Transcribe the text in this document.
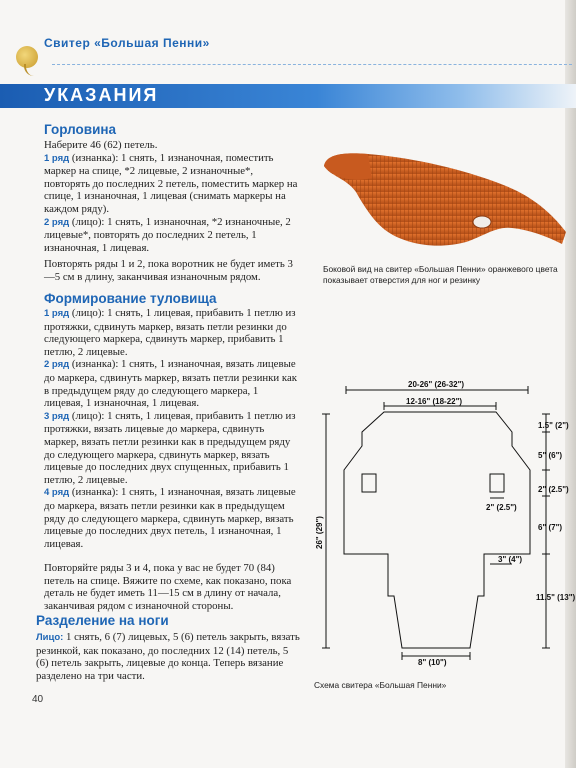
Свитер «Большая Пенни»
УКАЗАНИЯ
Горловина

Наберите 46 (62) петель.

1 ряд (изнанка): 1 снять, 1 изнаночная, поместить маркер на спице, *2 лицевые, 2 изнаночные*, повторять до последних 2 петель, поместить маркер на спице, 1 изнаночная, 1 лицевая (снимать маркеры на каждом ряду).

2 ряд (лицо): 1 снять, 1 изнаночная, *2 изнаночные, 2 лицевые*, повторять до последних 2 петель, 1 изнаночная, 1 лицевая.

Повторять ряды 1 и 2, пока воротник не будет иметь 3—5 см в длину, заканчивая изнаночным рядом.

Формирование туловища

1 ряд (лицо): 1 снять, 1 лицевая, прибавить 1 петлю из протяжки, сдвинуть маркер, вязать петли резинки до следующего маркера, сдвинуть маркер, прибавить 1 петлю, 2 лицевые.

2 ряд (изнанка): 1 снять, 1 изнаночная, вязать лицевые до маркера, сдвинуть маркер, вязать петли резинки как в предыдущем ряду до следующего маркера, 1 лицевая, 1 изнаночная, 1 лицевая.

3 ряд (лицо): 1 снять, 1 лицевая, прибавить 1 петлю из протяжки, вязать лицевые до маркера, сдвинуть маркер, вязать петли резинки как в предыдущем ряду до следующего маркера, сдвинуть маркер, вязать лицевые до последних двух спущенных, прибавить 1 петлю, 2 лицевые.

4 ряд (изнанка): 1 снять, 1 изнаночная, вязать лицевые до маркера, вязать петли резинки как в предыдущем ряду до следующего маркера, сдвинуть маркер, вязать лицевые до последних двух петель, 1 изнаночная, 1 лицевая.

Повторяйте ряды 3 и 4, пока у вас не будет 70 (84) петель на спице. Вяжите по схеме, как показано, пока деталь не будет иметь 11—15 см в длину от начала, заканчивая рядом с изнаночной стороны.

Разделение на ноги

Лицо: 1 снять, 6 (7) лицевых, 5 (6) петель закрыть, вязать резинкой, как показано, до последних 12 (14) петель, 5 (6) петель закрыть, лицевые до конца. Теперь вязание разделено на три части.

Боковой вид на свитер «Большая Пенни» оранжевого цвета показывает отверстия для ног и резинку
20-26" (26-32")
12-16" (18-22")
26" (29")
1.5" (2")
5" (6")
2" (2.5")
6" (7")
11.5" (13")
2" (2.5")
3" (4")
8" (10")
Схема свитера «Большая Пенни»
40
